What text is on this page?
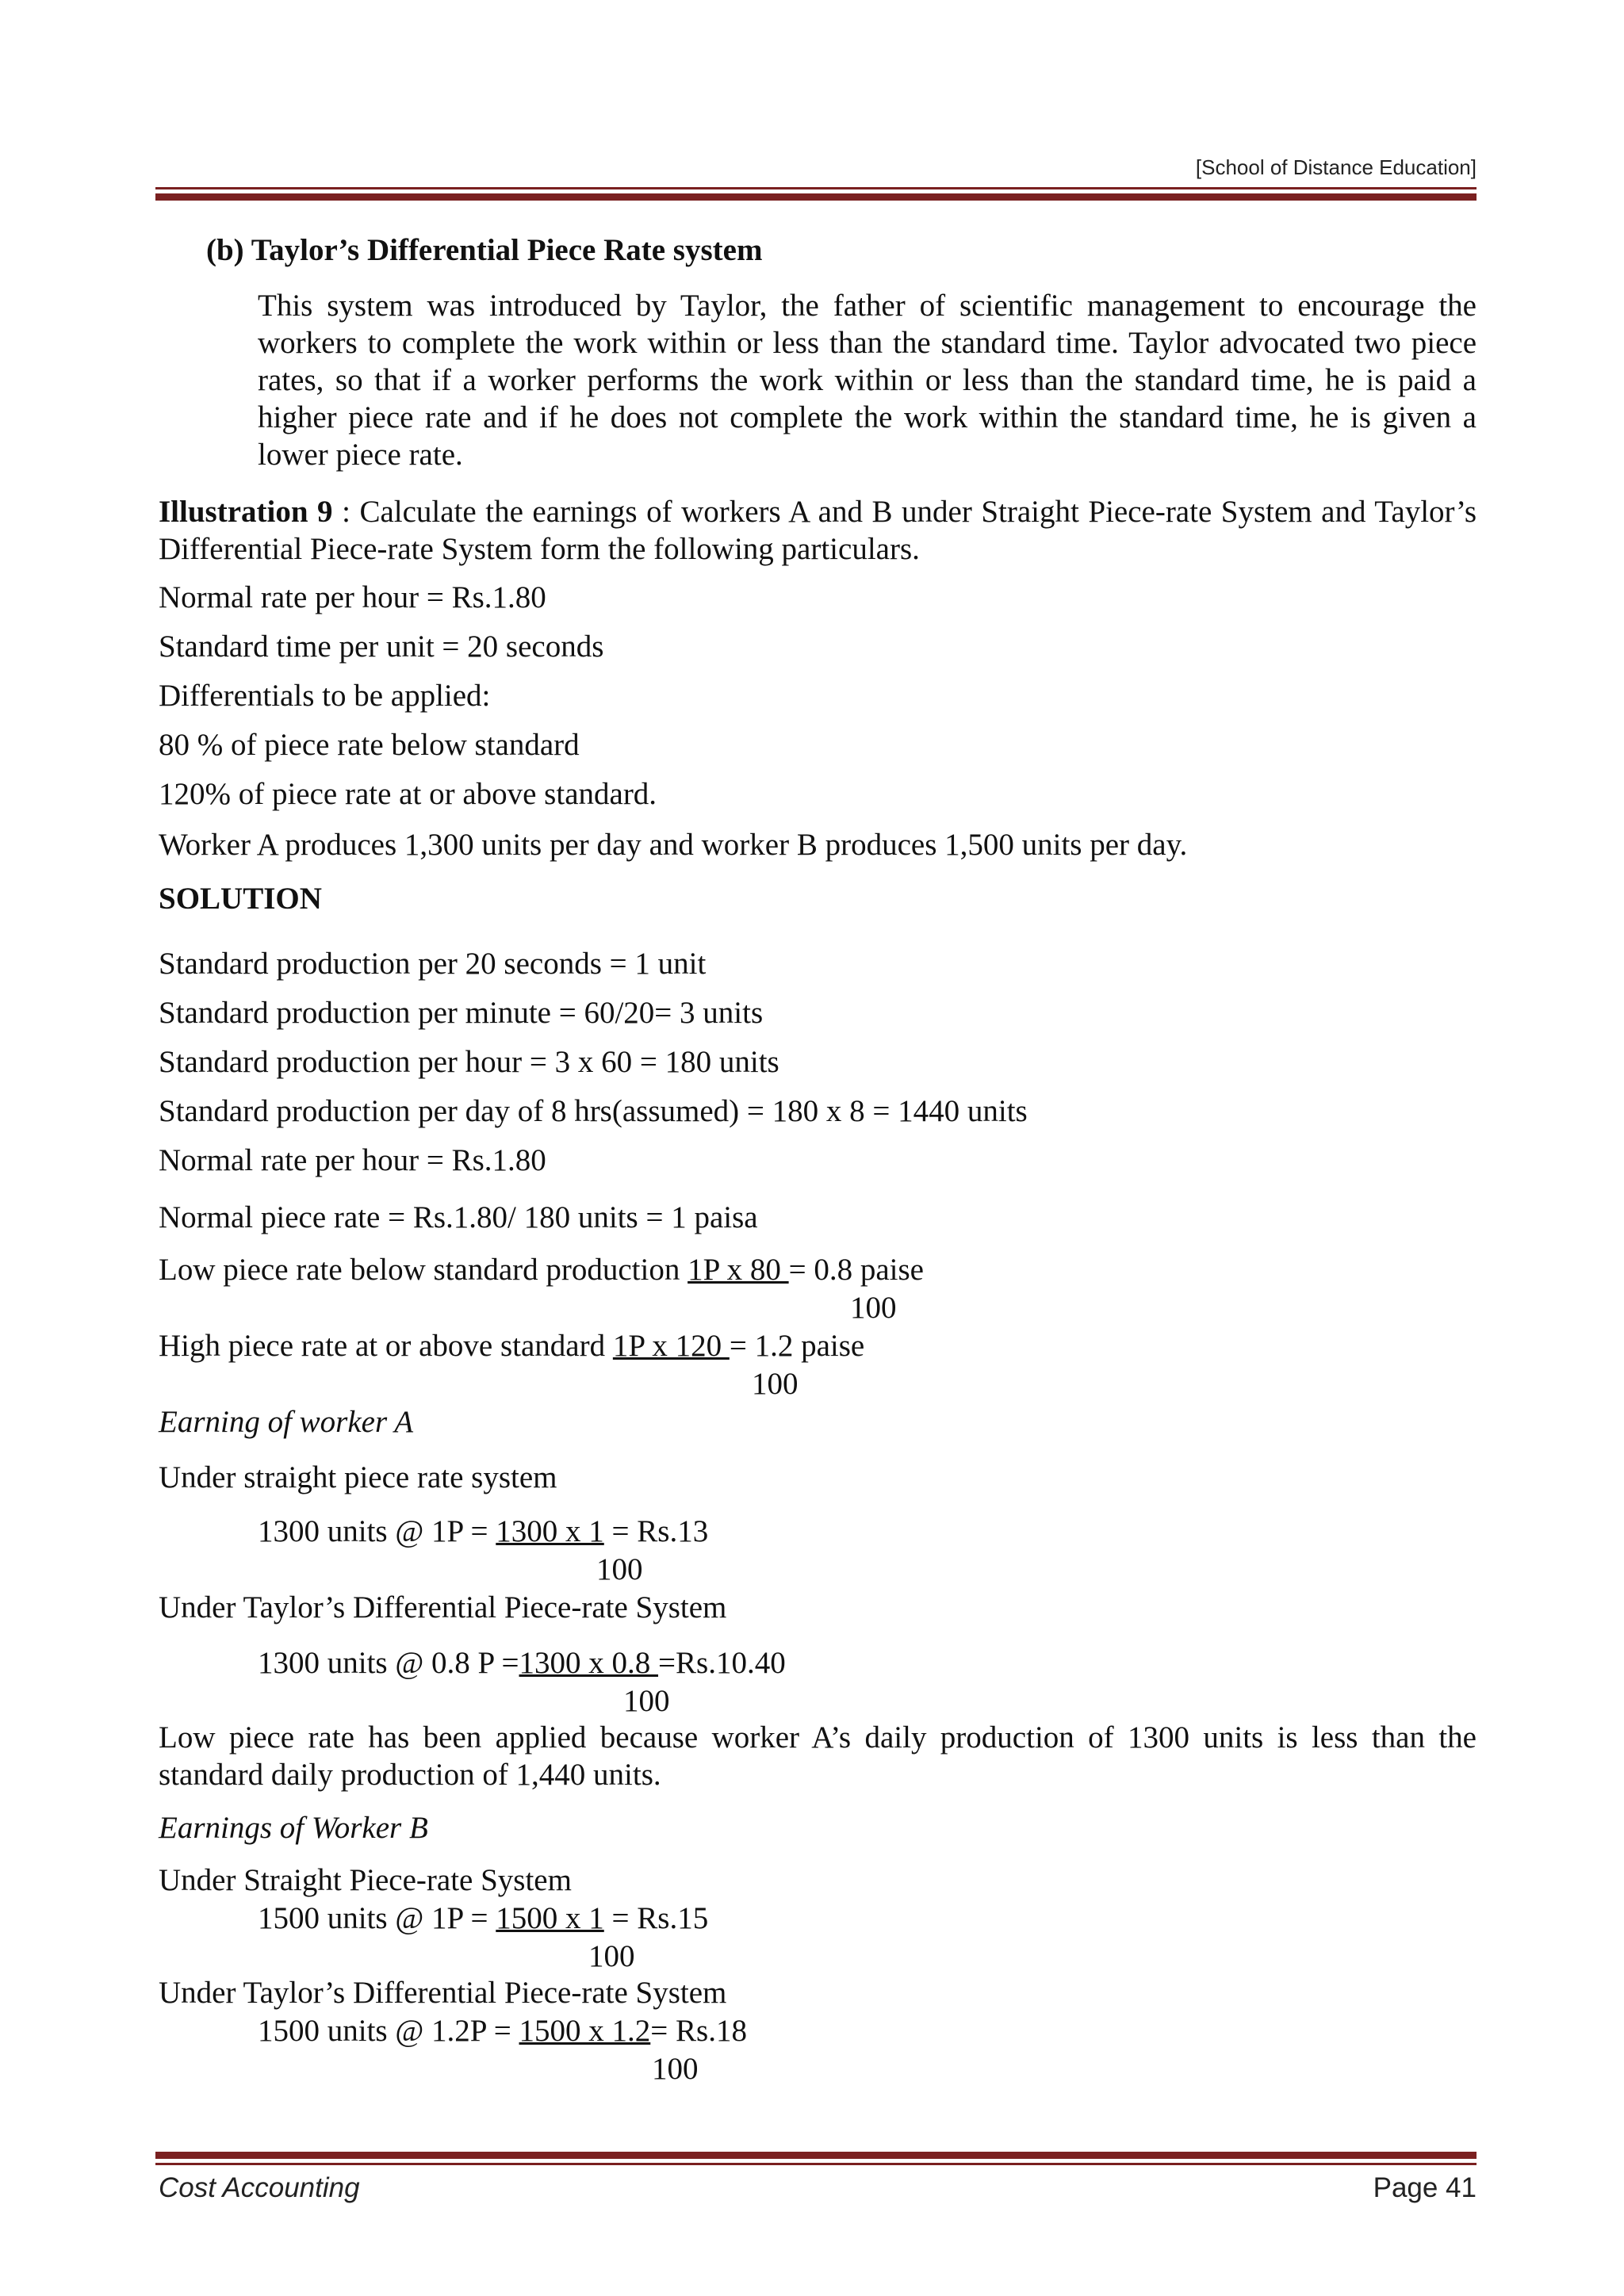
[School of Distance Education]
(b) Taylor’s Differential Piece Rate system
This system was introduced by Taylor, the father of scientific management to encourage the workers to complete the work within or less than the standard time. Taylor advocated two piece rates, so that if a worker performs the work within or less than the standard time, he is paid a higher piece rate and if he does not complete the work within the standard time, he is given a lower piece rate.
Illustration 9 : Calculate the earnings of workers A and B under Straight Piece-rate System and Taylor’s Differential Piece-rate System form the following particulars.
Normal rate per hour = Rs.1.80
Standard time per unit = 20 seconds
Differentials to be applied:
80 % of piece rate below standard
120% of piece rate at or above standard.
Worker A produces 1,300 units per day and worker B produces 1,500 units per day.
SOLUTION
Standard production per 20 seconds = 1 unit
Standard production per minute = 60/20= 3 units
Standard production per hour = 3 x 60 = 180 units
Standard production per day of 8 hrs(assumed) = 180 x 8 = 1440 units
Normal rate per hour = Rs.1.80
Normal piece rate = Rs.1.80/ 180 units = 1 paisa
Low piece rate below standard production 1P x 80 = 0.8 paise
100
High piece rate at or above standard 1P x 120 = 1.2 paise
100
Earning of worker A
Under straight piece rate system
1300 units @ 1P = 1300 x 1 = Rs.13
100
Under Taylor’s Differential Piece-rate System
1300 units @ 0.8 P =1300 x 0.8 =Rs.10.40
100
Low piece rate has been applied because worker A’s daily production of 1300 units is less than the standard daily production of 1,440 units.
Earnings of Worker B
Under Straight Piece-rate System
1500 units @ 1P = 1500 x 1 = Rs.15
100
Under Taylor’s Differential Piece-rate System
1500 units @ 1.2P = 1500 x 1.2= Rs.18
100
Cost Accounting	Page 41
